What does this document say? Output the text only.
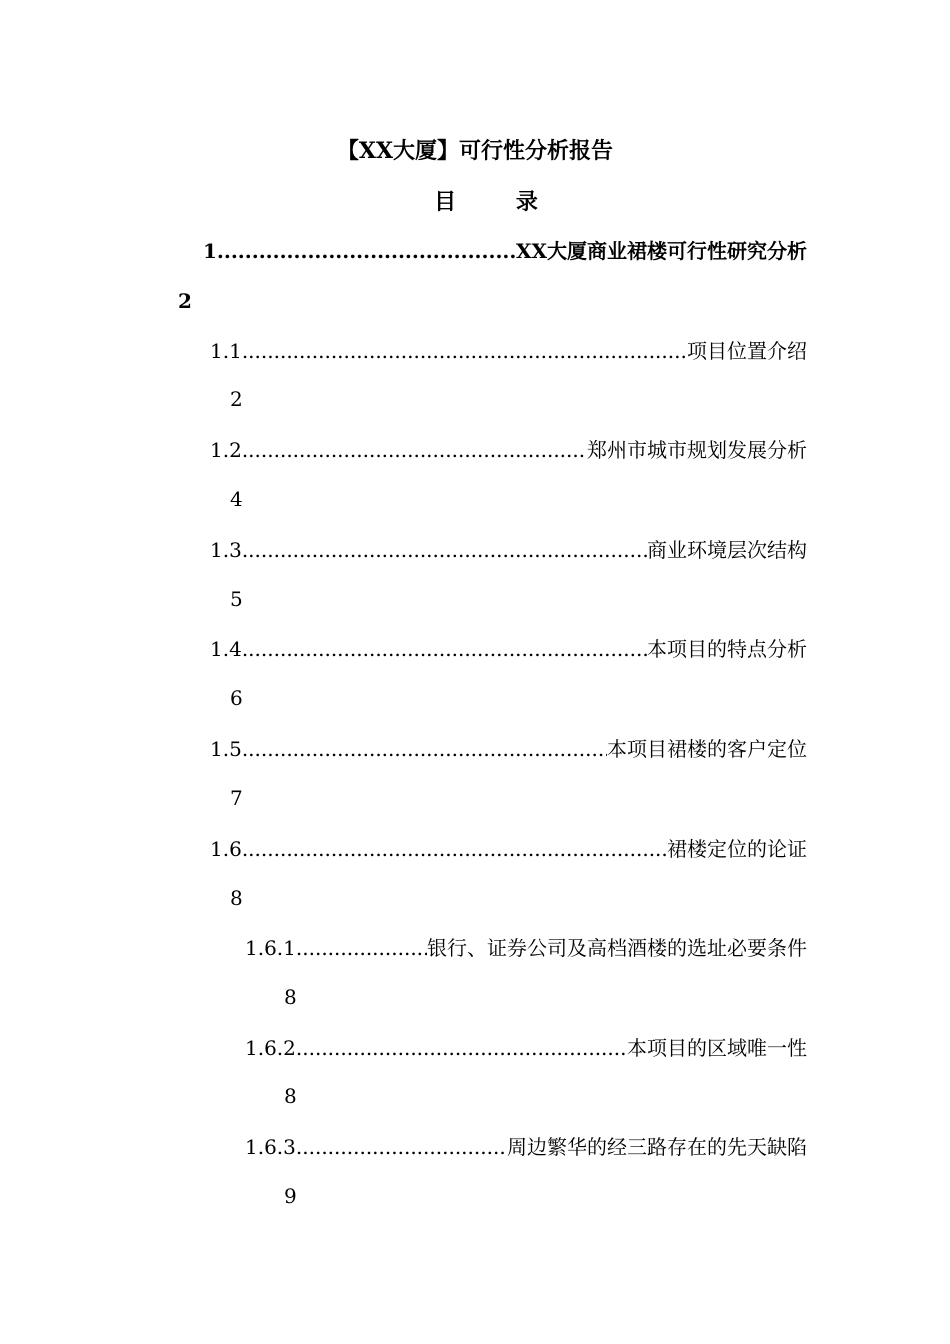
【XX大厦】可行性分析报告
目 录
1 .....	XX大厦商业裙楼可行性研究分析
2
1.1 .....	项目位置介绍
2
1.2 .....	郑州市城市规划发展分析
4
1.3 .....	商业环境层次结构
5
1.4 .....	本项目的特点分析
6
1.5 .....	本项目裙楼的客户定位
7
1.6 .....	裙楼定位的论证
8
1.6.1 .....	银行、证券公司及高档酒楼的选址必要条件
8
1.6.2 .....	本项目的区域唯一性
8
1.6.3 .....	周边繁华的经三路存在的先天缺陷
9
